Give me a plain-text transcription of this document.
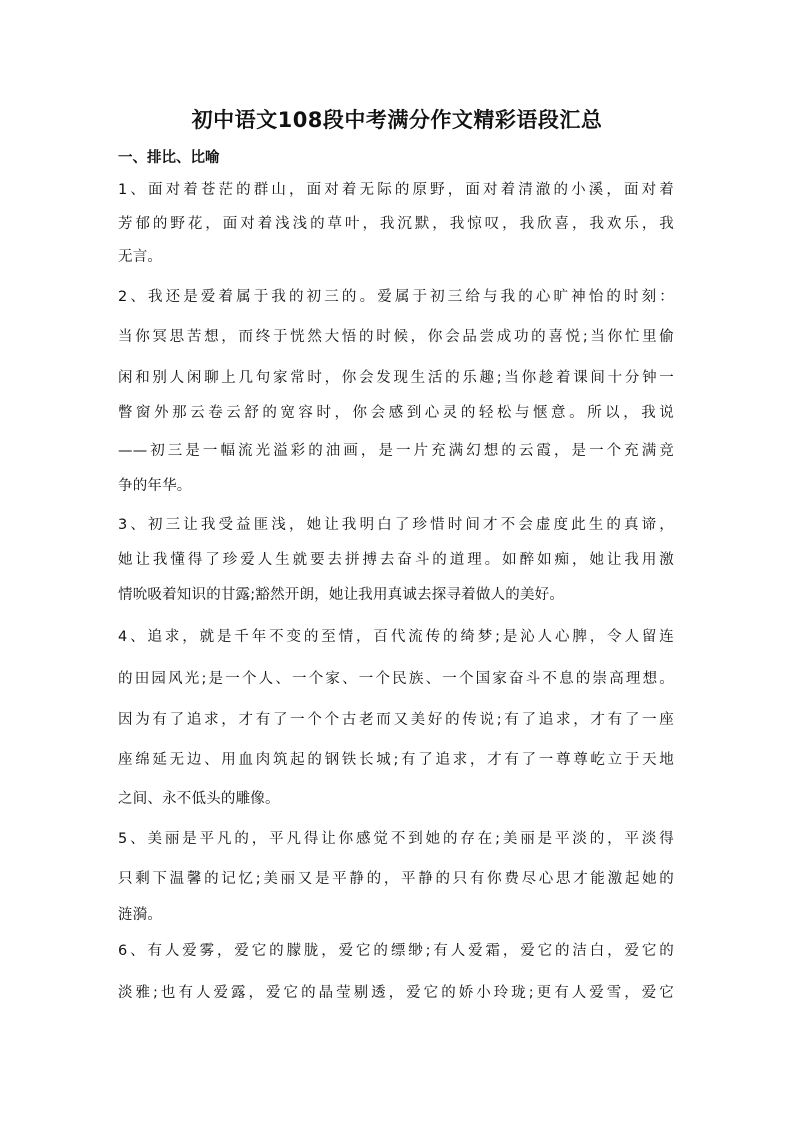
初中语文108段中考满分作文精彩语段汇总
一、排比、比喻
1、面对着苍茫的群山，面对着无际的原野，面对着清澈的小溪，面对着
芳郁的野花，面对着浅浅的草叶，我沉默，我惊叹，我欣喜，我欢乐，我
无言。
2、我还是爱着属于我的初三的。爱属于初三给与我的心旷神怡的时刻：
当你冥思苦想，而终于恍然大悟的时候，你会品尝成功的喜悦;当你忙里偷
闲和别人闲聊上几句家常时，你会发现生活的乐趣;当你趁着课间十分钟一
瞥窗外那云卷云舒的宽容时，你会感到心灵的轻松与惬意。所以，我说
——初三是一幅流光溢彩的油画，是一片充满幻想的云霞，是一个充满竞
争的年华。
3、初三让我受益匪浅，她让我明白了珍惜时间才不会虚度此生的真谛，
她让我懂得了珍爱人生就要去拼搏去奋斗的道理。如醉如痴，她让我用激
情吮吸着知识的甘露;豁然开朗，她让我用真诚去探寻着做人的美好。
4、追求，就是千年不变的至情，百代流传的绮梦;是沁人心脾，令人留连
的田园风光;是一个人、一个家、一个民族、一个国家奋斗不息的崇高理想。
因为有了追求，才有了一个个古老而又美好的传说;有了追求，才有了一座
座绵延无边、用血肉筑起的钢铁长城;有了追求，才有了一尊尊屹立于天地
之间、永不低头的雕像。
5、美丽是平凡的，平凡得让你感觉不到她的存在;美丽是平淡的，平淡得
只剩下温馨的记忆;美丽又是平静的，平静的只有你费尽心思才能激起她的
涟漪。
6、有人爱雾，爱它的朦胧，爱它的缥缈;有人爱霜，爱它的洁白，爱它的
淡雅;也有人爱露，爱它的晶莹剔透，爱它的娇小玲珑;更有人爱雪，爱它
